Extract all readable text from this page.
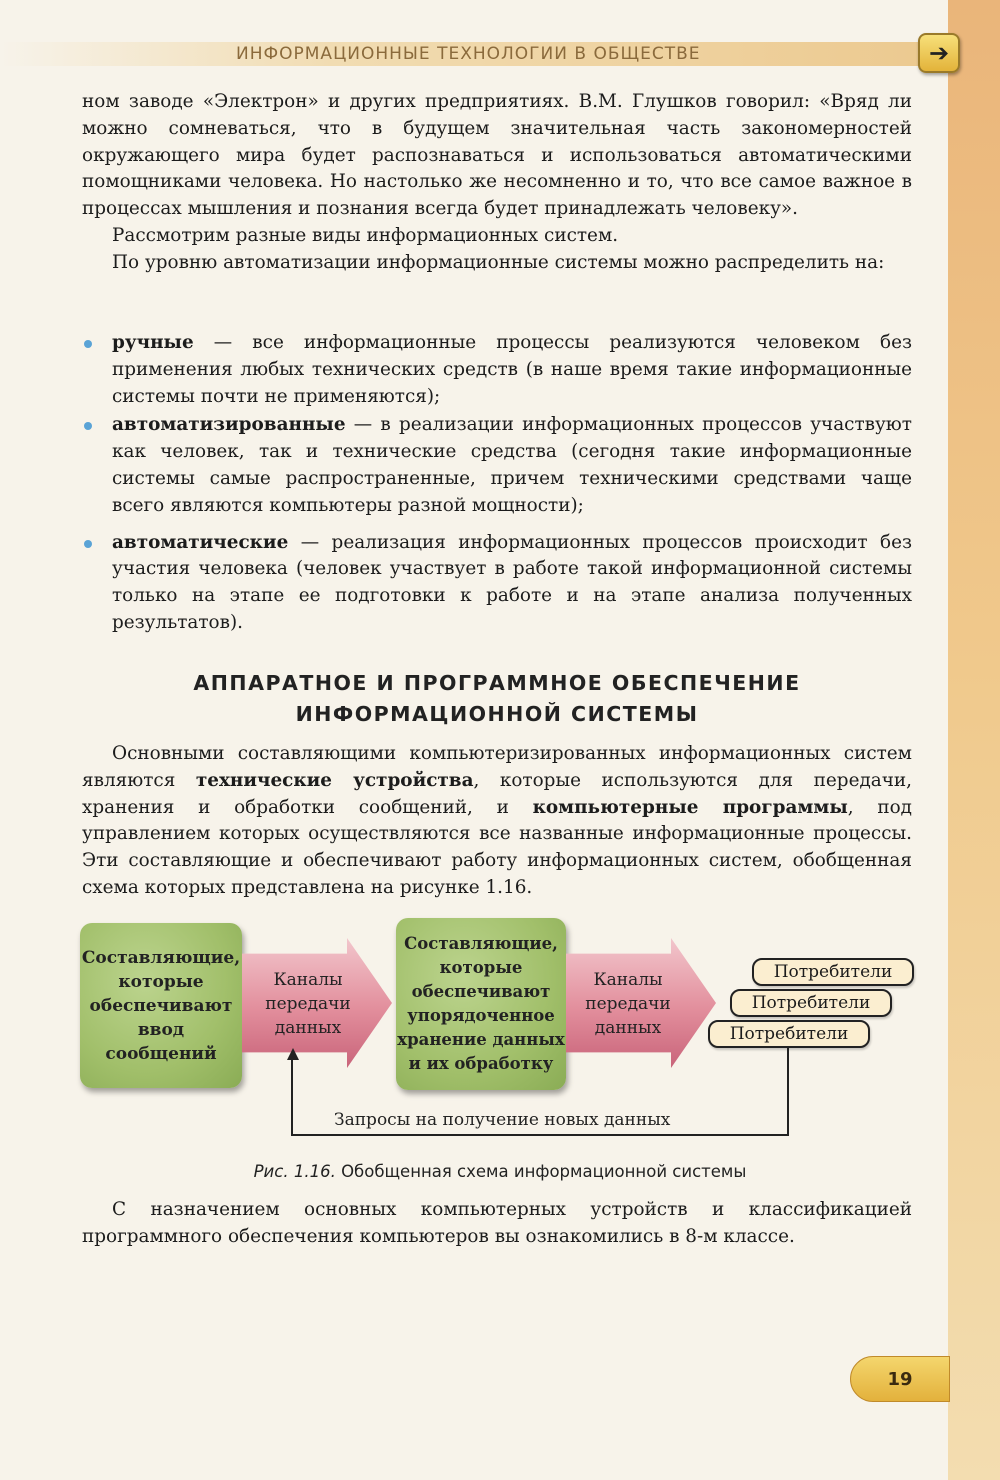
ИНФОРМАЦИОННЫЕ ТЕХНОЛОГИИ В ОБЩЕСТВЕ	➔

ном заводе «Электрон» и других предприятиях. В.М. Глушков говорил: «Вряд ли можно сомневаться, что в будущем значительная часть закономерностей окружающего мира будет распознаваться и использоваться автоматическими помощниками человека. Но настолько же несомненно и то, что все самое важное в процессах мышления и познания всегда будет принадлежать человеку».

Рассмотрим разные виды информационных систем.

По уровню автоматизации информационные системы можно распределить на:

ручные — все информационные процессы реализуются человеком без применения любых технических средств (в наше время такие информационные системы почти не применяются);
автоматизированные — в реализации информационных процессов участвуют как человек, так и технические средства (сегодня такие информационные системы самые распространенные, причем техническими средствами чаще всего являются компьютеры разной мощности);
автоматические — реализация информационных процессов происходит без участия человека (человек участвует в работе такой информационной системы только на этапе ее подготовки к работе и на этапе анализа полученных результатов).
АППАРАТНОЕ И ПРОГРАММНОЕ ОБЕСПЕЧЕНИЕ
ИНФОРМАЦИОННОЙ СИСТЕМЫ

Основными составляющими компьютеризированных информационных систем являются технические устройства, которые используются для передачи, хранения и обработки сообщений, и компьютерные программы, под управлением которых осуществляются все названные информационные процессы. Эти составляющие и обеспечивают работу информационных систем, обобщенная схема которых представлена на рисунке 1.16.

Составляющие, которые обеспечивают ввод сообщений
Каналы передачи данных
Составляющие, которые обеспечивают упорядоченное хранение данных и их обработку
Каналы передачи данных
Потребители
Потребители
Потребители
Запросы на получение новых данных
Рис. 1.16. Обобщенная схема информационной системы

С назначением основных компьютерных устройств и классификацией программного обеспечения компьютеров вы ознакомились в 8-м классе.

19
